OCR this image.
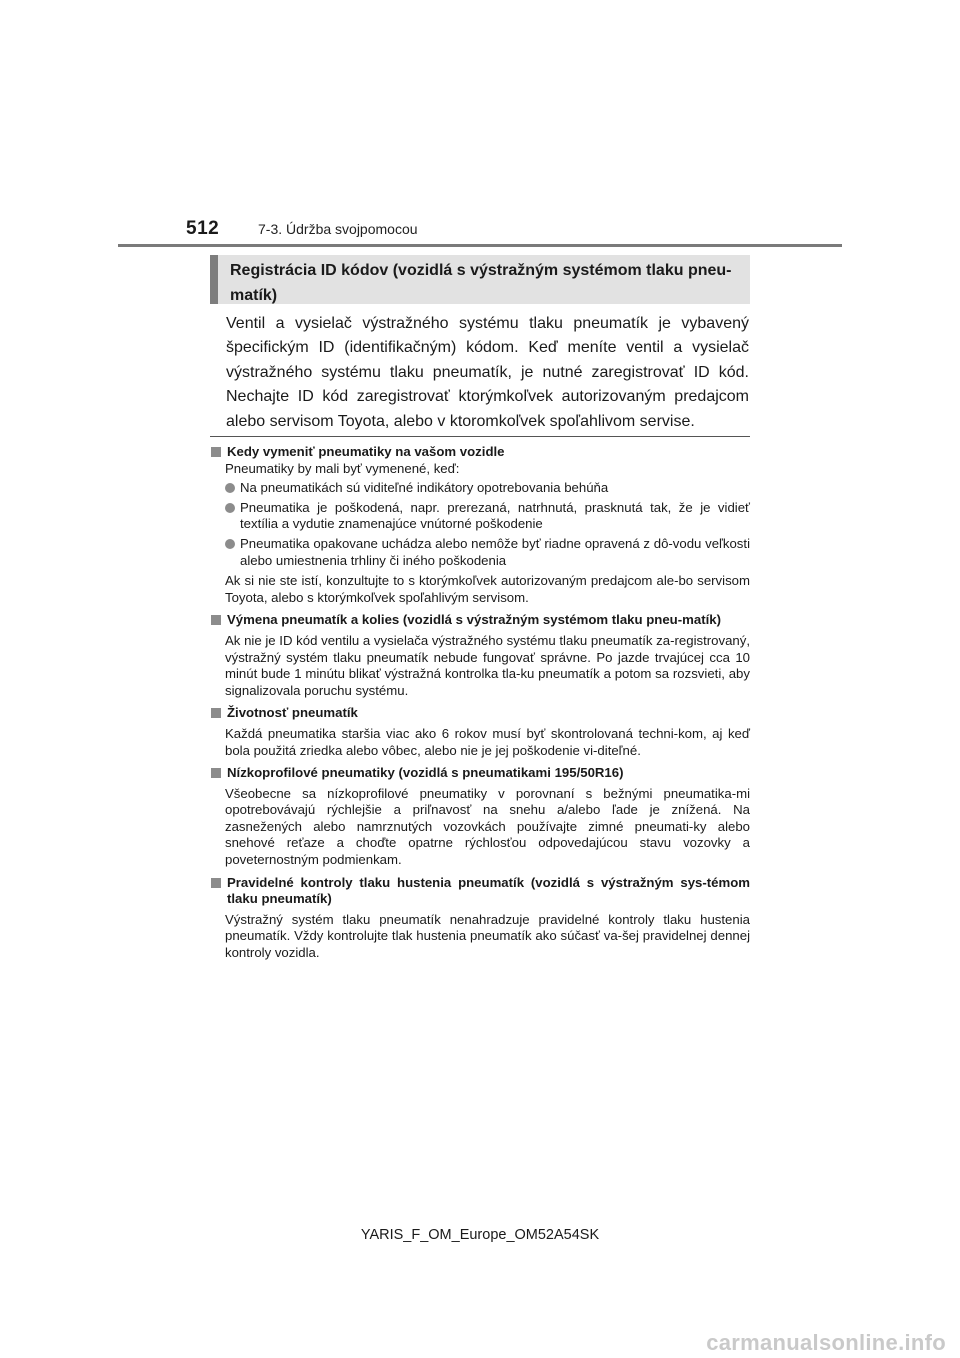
512	7-3. Údržba svojpomocou
Registrácia ID kódov (vozidlá s výstražným systémom tlaku pneu-matík)
Ventil a vysielač výstražného systému tlaku pneumatík je vybavený špecifickým ID (identifikačným) kódom. Keď meníte ventil a vysielač výstražného systému tlaku pneumatík, je nutné zaregistrovať ID kód. Nechajte ID kód zaregistrovať ktorýmkoľvek autorizovaným predajcom alebo servisom Toyota, alebo v ktoromkoľvek spoľahlivom servise.
Kedy vymeniť pneumatiky na vašom vozidle
Pneumatiky by mali byť vymenené, keď:
Na pneumatikách sú viditeľné indikátory opotrebovania behúňa
Pneumatika je poškodená, napr. prerezaná, natrhnutá, prasknutá tak, že je vidieť textília a vydutie znamenajúce vnútorné poškodenie
Pneumatika opakovane uchádza alebo nemôže byť riadne opravená z dô-vodu veľkosti alebo umiestnenia trhliny či iného poškodenia
Ak si nie ste istí, konzultujte to s ktorýmkoľvek autorizovaným predajcom ale-bo servisom Toyota, alebo s ktorýmkoľvek spoľahlivým servisom.
Výmena pneumatík a kolies (vozidlá s výstražným systémom tlaku pneu-matík)
Ak nie je ID kód ventilu a vysielača výstražného systému tlaku pneumatík za-registrovaný, výstražný systém tlaku pneumatík nebude fungovať správne. Po jazde trvajúcej cca 10 minút bude 1 minútu blikať výstražná kontrolka tla-ku pneumatík a potom sa rozsvieti, aby signalizovala poruchu systému.
Životnosť pneumatík
Každá pneumatika staršia viac ako 6 rokov musí byť skontrolovaná techni-kom, aj keď bola použitá zriedka alebo vôbec, alebo nie je jej poškodenie vi-diteľné.
Nízkoprofilové pneumatiky (vozidlá s pneumatikami 195/50R16)
Všeobecne sa nízkoprofilové pneumatiky v porovnaní s bežnými pneumatika-mi opotrebovávajú rýchlejšie a priľnavosť na snehu a/alebo ľade je znížená. Na zasnežených alebo namrznutých vozovkách používajte zimné pneumati-ky alebo snehové reťaze a choďte opatrne rýchlosťou odpovedajúcou stavu vozovky a poveternostným podmienkam.
Pravidelné kontroly tlaku hustenia pneumatík (vozidlá s výstražným sys-témom tlaku pneumatík)
Výstražný systém tlaku pneumatík nenahradzuje pravidelné kontroly tlaku hustenia pneumatík. Vždy kontrolujte tlak hustenia pneumatík ako súčasť va-šej pravidelnej dennej kontroly vozidla.
YARIS_F_OM_Europe_OM52A54SK
carmanualsonline.info
